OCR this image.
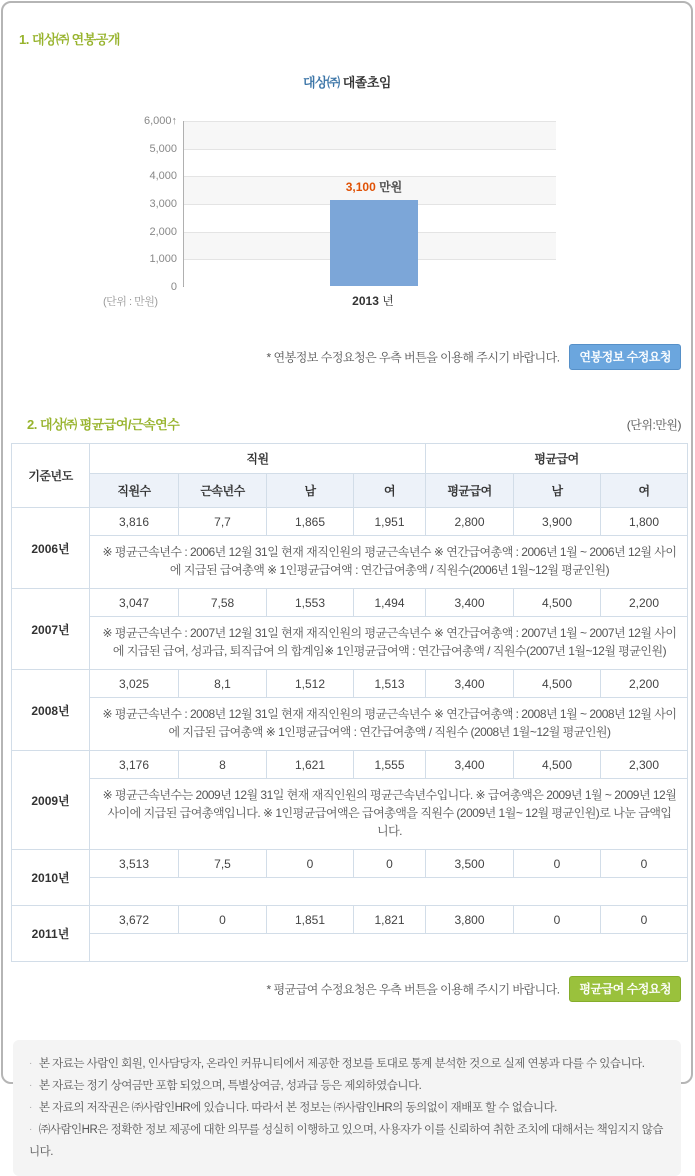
1. 대상㈜ 연봉공개
대상㈜ 대졸초임
3,100 만원
6,000↑
5,000
4,000
3,000
2,000
1,000
0
(단위 : 만원)	2013 년
* 연봉정보 수정요청은 우측 버튼을 이용해 주시기 바랍니다. 연봉정보 수정요청
2. 대상㈜ 평균급여/근속연수	(단위:만원)
기준년도	직원				평균급여		
	직원수	근속년수	남	여	평균급여	남	여
2006년	3,816	7,7	1,865	1,951	2,800	3,900	1,800
	※ 평균근속년수 : 2006년 12월 31일 현재 재직인원의 평균근속년수 ※ 연간급여총액 : 2006년 1월 ~ 2006년 12월 사이에 지급된 급여총액 ※ 1인평균급여액 : 연간급여총액 / 직원수(2006년 1월~12월 평균인원)						
2007년	3,047	7,58	1,553	1,494	3,400	4,500	2,200
	※ 평균근속년수 : 2007년 12월 31일 현재 재직인원의 평균근속년수 ※ 연간급여총액 : 2007년 1월 ~ 2007년 12월 사이에 지급된 급여, 성과급, 퇴직급여 의 합계임※ 1인평균급여액 : 연간급여총액 / 직원수(2007년 1월~12월 평균인원)						
2008년	3,025	8,1	1,512	1,513	3,400	4,500	2,200
	※ 평균근속년수 : 2008년 12월 31일 현재 재직인원의 평균근속년수 ※ 연간급여총액 : 2008년 1월 ~ 2008년 12월 사이에 지급된 급여총액 ※ 1인평균급여액 : 연간급여총액 / 직원수 (2008년 1월~12월 평균인원)						
2009년	3,176	8	1,621	1,555	3,400	4,500	2,300
	※ 평균근속년수는 2009년 12월 31일 현재 재직인원의 평균근속년수입니다. ※ 급여총액은 2009년 1월 ~ 2009년 12월 사이에 지급된 급여총액입니다. ※ 1인평균급여액은 급여총액을 직원수 (2009년 1월~ 12월 평균인원)로 나눈 금액입니다.						
2010년	3,513	7,5	0	0	3,500	0	0

2011년	3,672	0	1,851	1,821	3,800	0	0

* 평균급여 수정요청은 우측 버튼을 이용해 주시기 바랍니다. 평균급여 수정요청
· 본 자료는 사람인 회원, 인사담당자, 온라인 커뮤니티에서 제공한 정보를 토대로 통계 분석한 것으로 실제 연봉과 다를 수 있습니다.
· 본 자료는 정기 상여금만 포함 되었으며, 특별상여금, 성과급 등은 제외하였습니다.
· 본 자료의 저작권은 ㈜사람인HR에 있습니다. 따라서 본 정보는 ㈜사람인HR의 동의없이 재배포 할 수 없습니다.
· ㈜사람인HR은 정확한 정보 제공에 대한 의무를 성실히 이행하고 있으며, 사용자가 이를 신뢰하여 취한 조치에 대해서는 책임지지 않습니다.
